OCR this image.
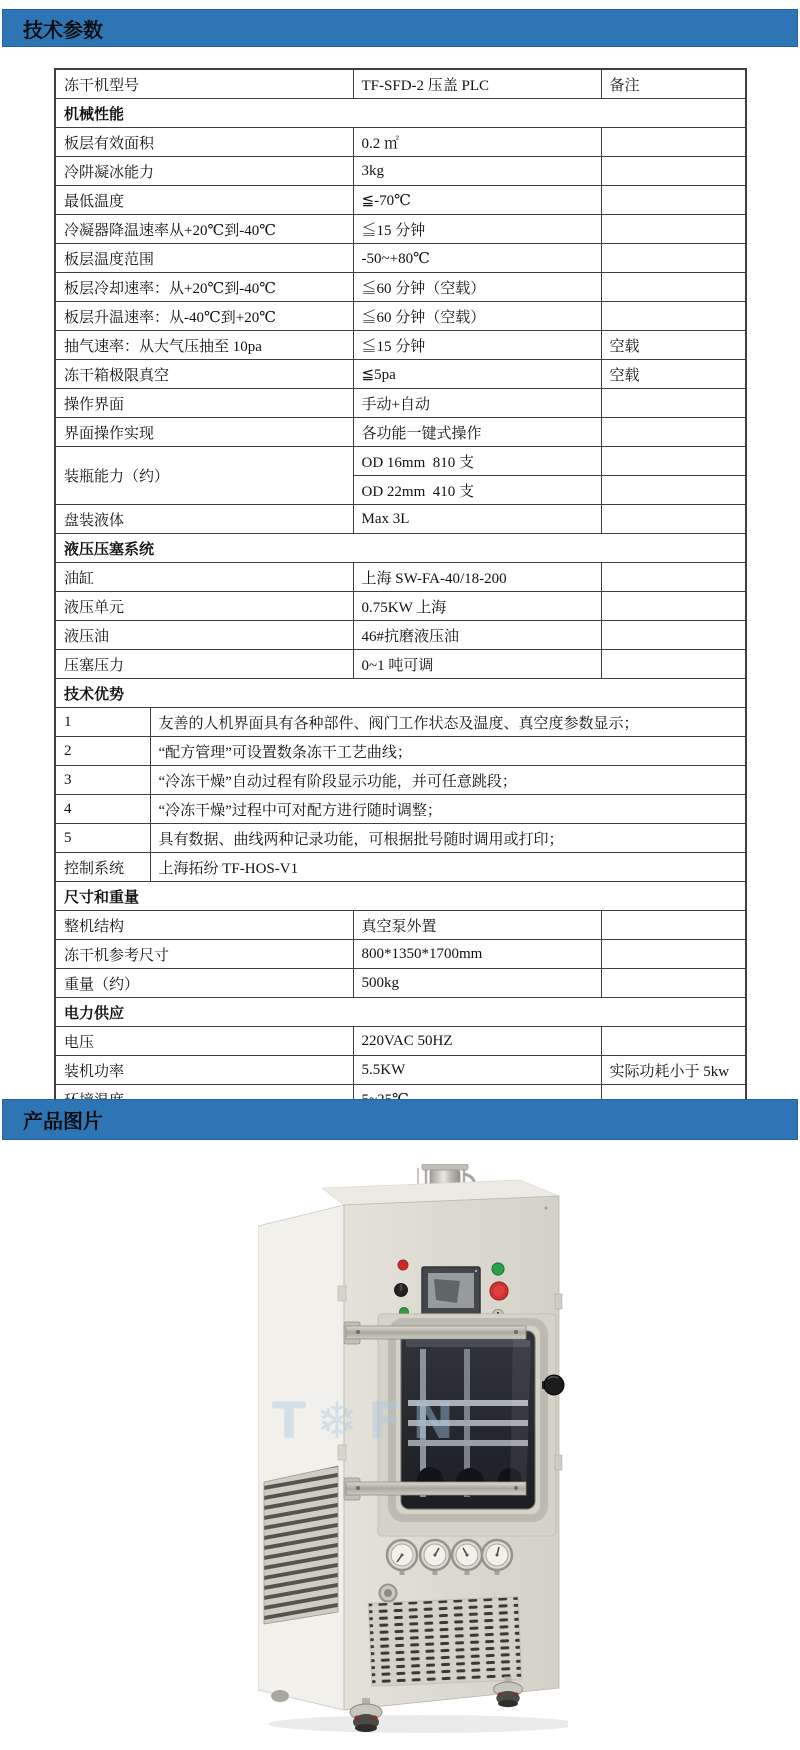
技术参数
冻干机型号		TF-SFD-2 压盖 PLC	备注
机械性能			
板层有效面积		0.2 ㎡	
冷阱凝冰能力		3kg	
最低温度		≦-70℃	
冷凝器降温速率从+20℃到-40℃		≦15 分钟	
板层温度范围		-50~+80℃	
板层冷却速率：从+20℃到-40℃		≦60 分钟（空载）	
板层升温速率：从-40℃到+20℃		≦60 分钟（空载）	
抽气速率：从大气压抽至 10pa		≦15 分钟	空载
冻干箱极限真空		≦5pa	空载
操作界面		手动+自动	
界面操作实现		各功能一键式操作	
装瓶能力（约）		OD 16mm  810 支	
		OD 22mm  410 支	
盘装液体		Max 3L	
液压压塞系统			
油缸		上海 SW-FA-40/18-200	
液压单元		0.75KW 上海	
液压油		46#抗磨液压油	
压塞压力		0~1 吨可调	
技术优势			
1	友善的人机界面具有各种部件、阀门工作状态及温度、真空度参数显示；		
2	“配方管理”可设置数条冻干工艺曲线；		
3	“冷冻干燥”自动过程有阶段显示功能，并可任意跳段；		
4	“冷冻干燥”过程中可对配方进行随时调整；		
5	具有数据、曲线两种记录功能，可根据批号随时调用或打印；		
控制系统	上海拓纷 TF-HOS-V1		
尺寸和重量			
整机结构		真空泵外置	
冻干机参考尺寸		800*1350*1700mm	
重量（约）		500kg	
电力供应			
电压		220VAC 50HZ	
装机功率		5.5KW	实际功耗小于 5kw

产品图片
T❄FN
